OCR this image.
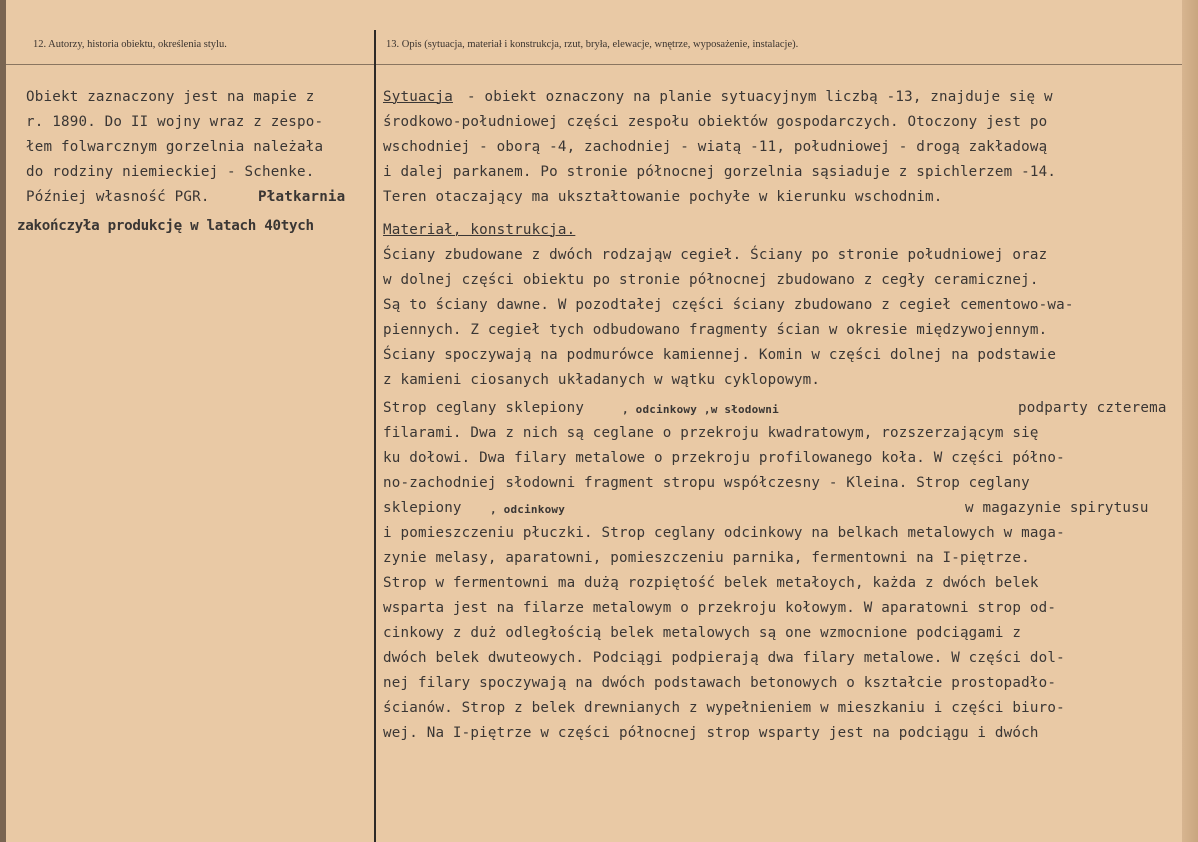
12. Autorzy, historia obiektu, określenia stylu.	13. Opis (sytuacja, materiał i konstrukcja, rzut, bryła, elewacje, wnętrze, wyposażenie, instalacje).
Obiekt zaznaczony jest na mapie z
r. 1890. Do II wojny wraz z zespo-
łem folwarcznym gorzelnia należała
do rodziny niemieckiej - Schenke.
Później własność PGR.	Płatkarnia
zakończyła produkcję w latach 40tych
Sytuacja - obiekt oznaczony na planie sytuacyjnym liczbą -13, znajduje się w
środkowo-południowej części zespołu obiektów gospodarczych. Otoczony jest po
wschodniej - oborą -4, zachodniej - wiatą -11, południowej - drogą zakładową
i dalej parkanem. Po stronie północnej gorzelnia sąsiaduje z spichlerzem -14.
Teren otaczający ma ukształtowanie pochyłe w kierunku wschodnim.
Materiał, konstrukcja.
Ściany zbudowane z dwóch rodzająw cegieł. Ściany po stronie południowej oraz
w dolnej części obiektu po stronie północnej zbudowano z cegły ceramicznej.
Są to ściany dawne. W pozodtałej części ściany zbudowano z cegieł cementowo-wa-
piennych. Z cegieł tych odbudowano fragmenty ścian w okresie międzywojennym.
Ściany spoczywają na podmurówce kamiennej. Komin w części dolnej na podstawie
z kamieni ciosanych układanych w wątku cyklopowym.
Strop ceglany sklepiony	, odcinkowy ,w słodowni	podparty czterema
filarami. Dwa z nich są ceglane o przekroju kwadratowym, rozszerzającym się
ku dołowi. Dwa filary metalowe o przekroju profilowanego koła. W części półno-
no-zachodniej słodowni fragment stropu współczesny - Kleina. Strop ceglany
sklepiony	, odcinkowy	w magazynie spirytusu
i pomieszczeniu płuczki. Strop ceglany odcinkowy na belkach metalowych w maga-
zynie melasy, aparatowni, pomieszczeniu parnika, fermentowni na I-piętrze.
Strop w fermentowni ma dużą rozpiętość belek metałoych, każda z dwóch belek
wsparta jest na filarze metalowym o przekroju kołowym. W aparatowni strop od-
cinkowy z duż odległością belek metalowych są one wzmocnione podciągami z
dwóch belek dwuteowych. Podciągi podpierają dwa filary metalowe. W części dol-
nej filary spoczywają na dwóch podstawach betonowych o kształcie prostopadło-
ścianów. Strop z belek drewnianych z wypełnieniem w mieszkaniu i części biuro-
wej. Na I-piętrze w części północnej strop wsparty jest na podciągu i dwóch
